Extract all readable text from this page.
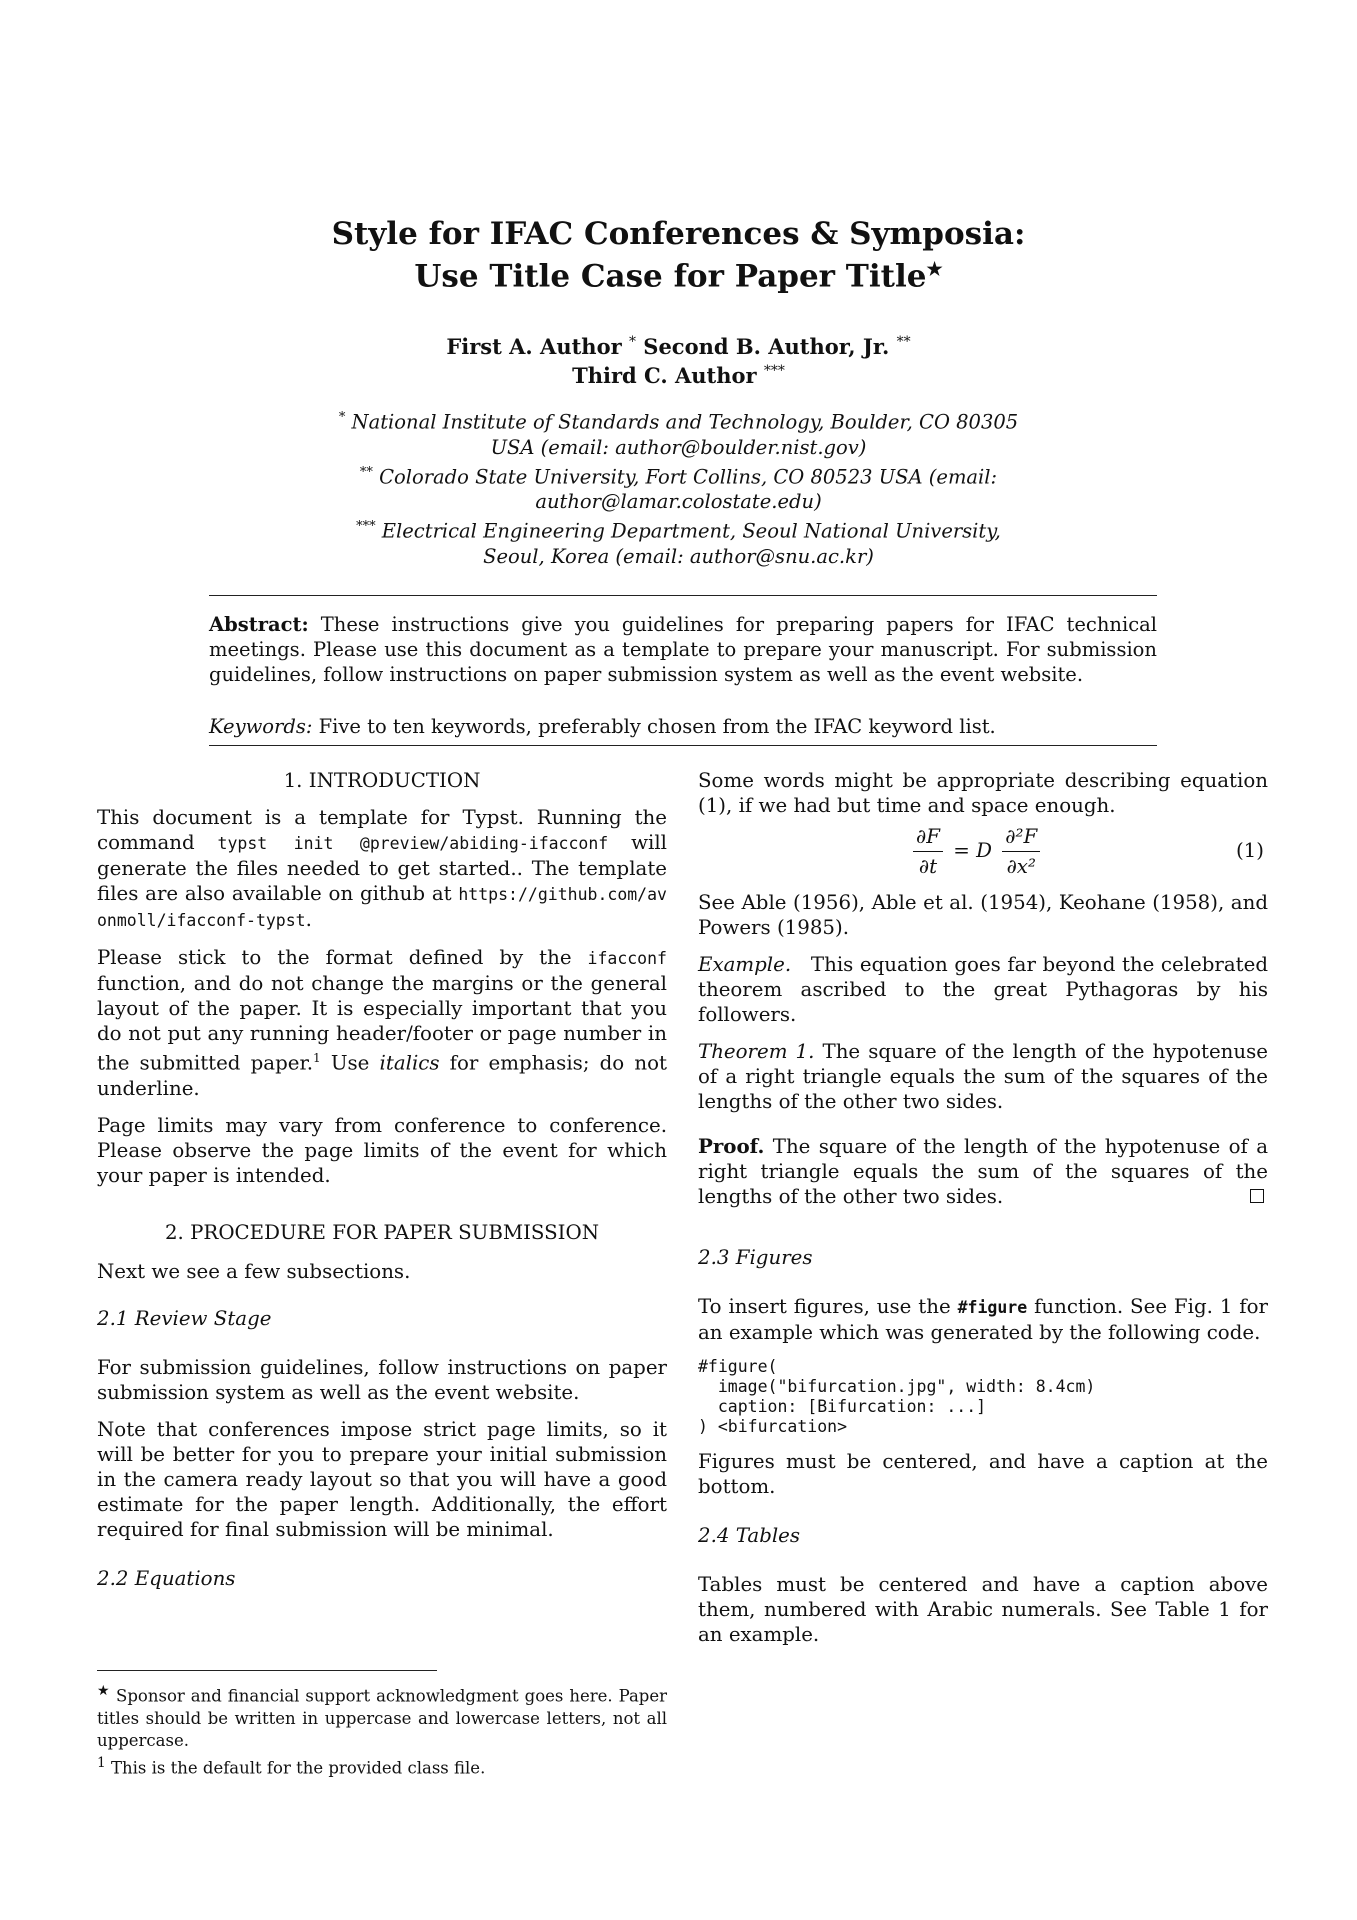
Style for IFAC Conferences & Symposia:
Use Title Case for Paper Title★
First A. Author * Second B. Author, Jr. **
Third C. Author ***
* National Institute of Standards and Technology, Boulder, CO 80305
USA (email: author@boulder.nist.gov)
** Colorado State University, Fort Collins, CO 80523 USA (email:
author@lamar.colostate.edu)
*** Electrical Engineering Department, Seoul National University,
Seoul, Korea (email: author@snu.ac.kr)
Abstract: These instructions give you guidelines for preparing papers for IFAC technical meetings. Please use this document as a template to prepare your manuscript. For submission guidelines, follow instructions on paper submission system as well as the event website.
Keywords: Five to ten keywords, preferably chosen from the IFAC keyword list.
1. INTRODUCTION

This document is a template for Typst. Running the command typst init @preview/abiding-ifacconf will generate the files needed to get started.. The template files are also available on github at https://github.com/avonmoll/ifacconf-typst.

Please stick to the format defined by the ifacconf function, and do not change the margins or the general layout of the paper. It is especially important that you do not put any running header/footer or page number in the submitted paper.$^1$ Use italics for emphasis; do not underline.

Page limits may vary from conference to conference. Please observe the page limits of the event for which your paper is intended.

2. PROCEDURE FOR PAPER SUBMISSION

Next we see a few subsections.

2.1 Review Stage

For submission guidelines, follow instructions on paper submission system as well as the event website.

Note that conferences impose strict page limits, so it will be better for you to prepare your initial submission in the camera ready layout so that you will have a good estimate for the paper length. Additionally, the effort required for final submission will be minimal.

2.2 Equations

Some words might be appropriate describing equation (1), if we had but time and space enough.

$\frac{\partial F}{\partial t} = D \frac{\text{∂²F}}{\text{∂x²}}$	(1)

See Able (1956), Able et al. (1954), Keohane (1958), and Powers (1985).

Example. This equation goes far beyond the celebrated theorem ascribed to the great Pythagoras by his followers.

Theorem 1. The square of the length of the hypotenuse of a right triangle equals the sum of the squares of the lengths of the other two sides.

Proof. The square of the length of the hypotenuse of a right triangle equals the sum of the squares of the lengths of the other two sides.

2.3 Figures

To insert figures, use the #figure function. See Fig. 1 for an example which was generated by the following code.

#figure(
image("bifurcation.jpg", width: 8.4cm)
caption: [Bifurcation: ...]
) <bifurcation>

Figures must be centered, and have a caption at the bottom.

2.4 Tables

Tables must be centered and have a caption above them, numbered with Arabic numerals. See Table 1 for an example.

★ Sponsor and financial support acknowledgment goes here. Paper titles should be written in uppercase and lowercase letters, not all uppercase.

$^1$ This is the default for the provided class file.
